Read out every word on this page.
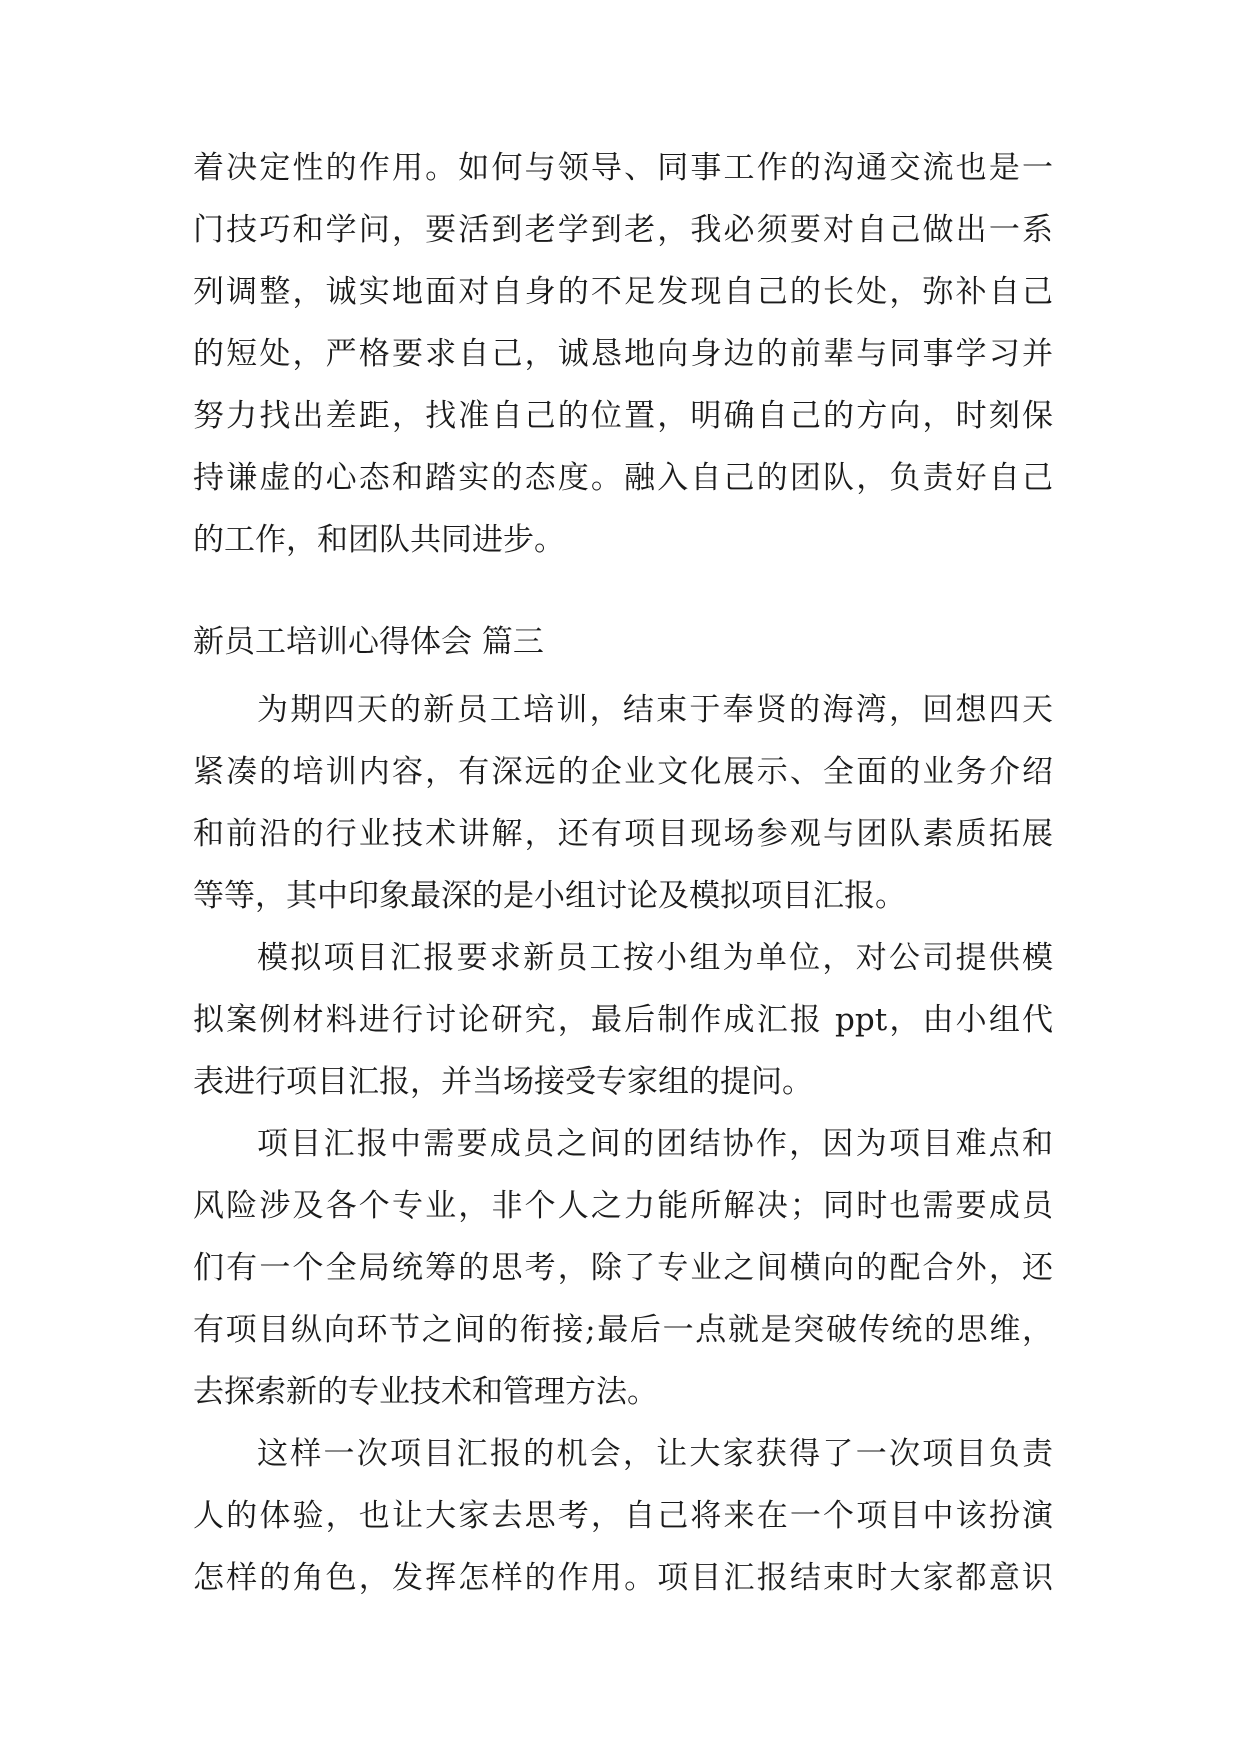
着决定性的作用。如何与领导、同事工作的沟通交流也是一
门技巧和学问，要活到老学到老，我必须要对自己做出一系
列调整，诚实地面对自身的不足发现自己的长处，弥补自己
的短处，严格要求自己，诚恳地向身边的前辈与同事学习并
努力找出差距，找准自己的位置，明确自己的方向，时刻保
持谦虚的心态和踏实的态度。融入自己的团队，负责好自己
的工作，和团队共同进步。
新员工培训心得体会 篇三
为期四天的新员工培训，结束于奉贤的海湾，回想四天
紧凑的培训内容，有深远的企业文化展示、全面的业务介绍
和前沿的行业技术讲解，还有项目现场参观与团队素质拓展
等等，其中印象最深的是小组讨论及模拟项目汇报。
模拟项目汇报要求新员工按小组为单位，对公司提供模
拟案例材料进行讨论研究，最后制作成汇报 ppt，由小组代
表进行项目汇报，并当场接受专家组的提问。
项目汇报中需要成员之间的团结协作，因为项目难点和
风险涉及各个专业，非个人之力能所解决；同时也需要成员
们有一个全局统筹的思考，除了专业之间横向的配合外，还
有项目纵向环节之间的衔接;最后一点就是突破传统的思维，
去探索新的专业技术和管理方法。
这样一次项目汇报的机会，让大家获得了一次项目负责
人的体验，也让大家去思考，自己将来在一个项目中该扮演
怎样的角色，发挥怎样的作用。项目汇报结束时大家都意识
